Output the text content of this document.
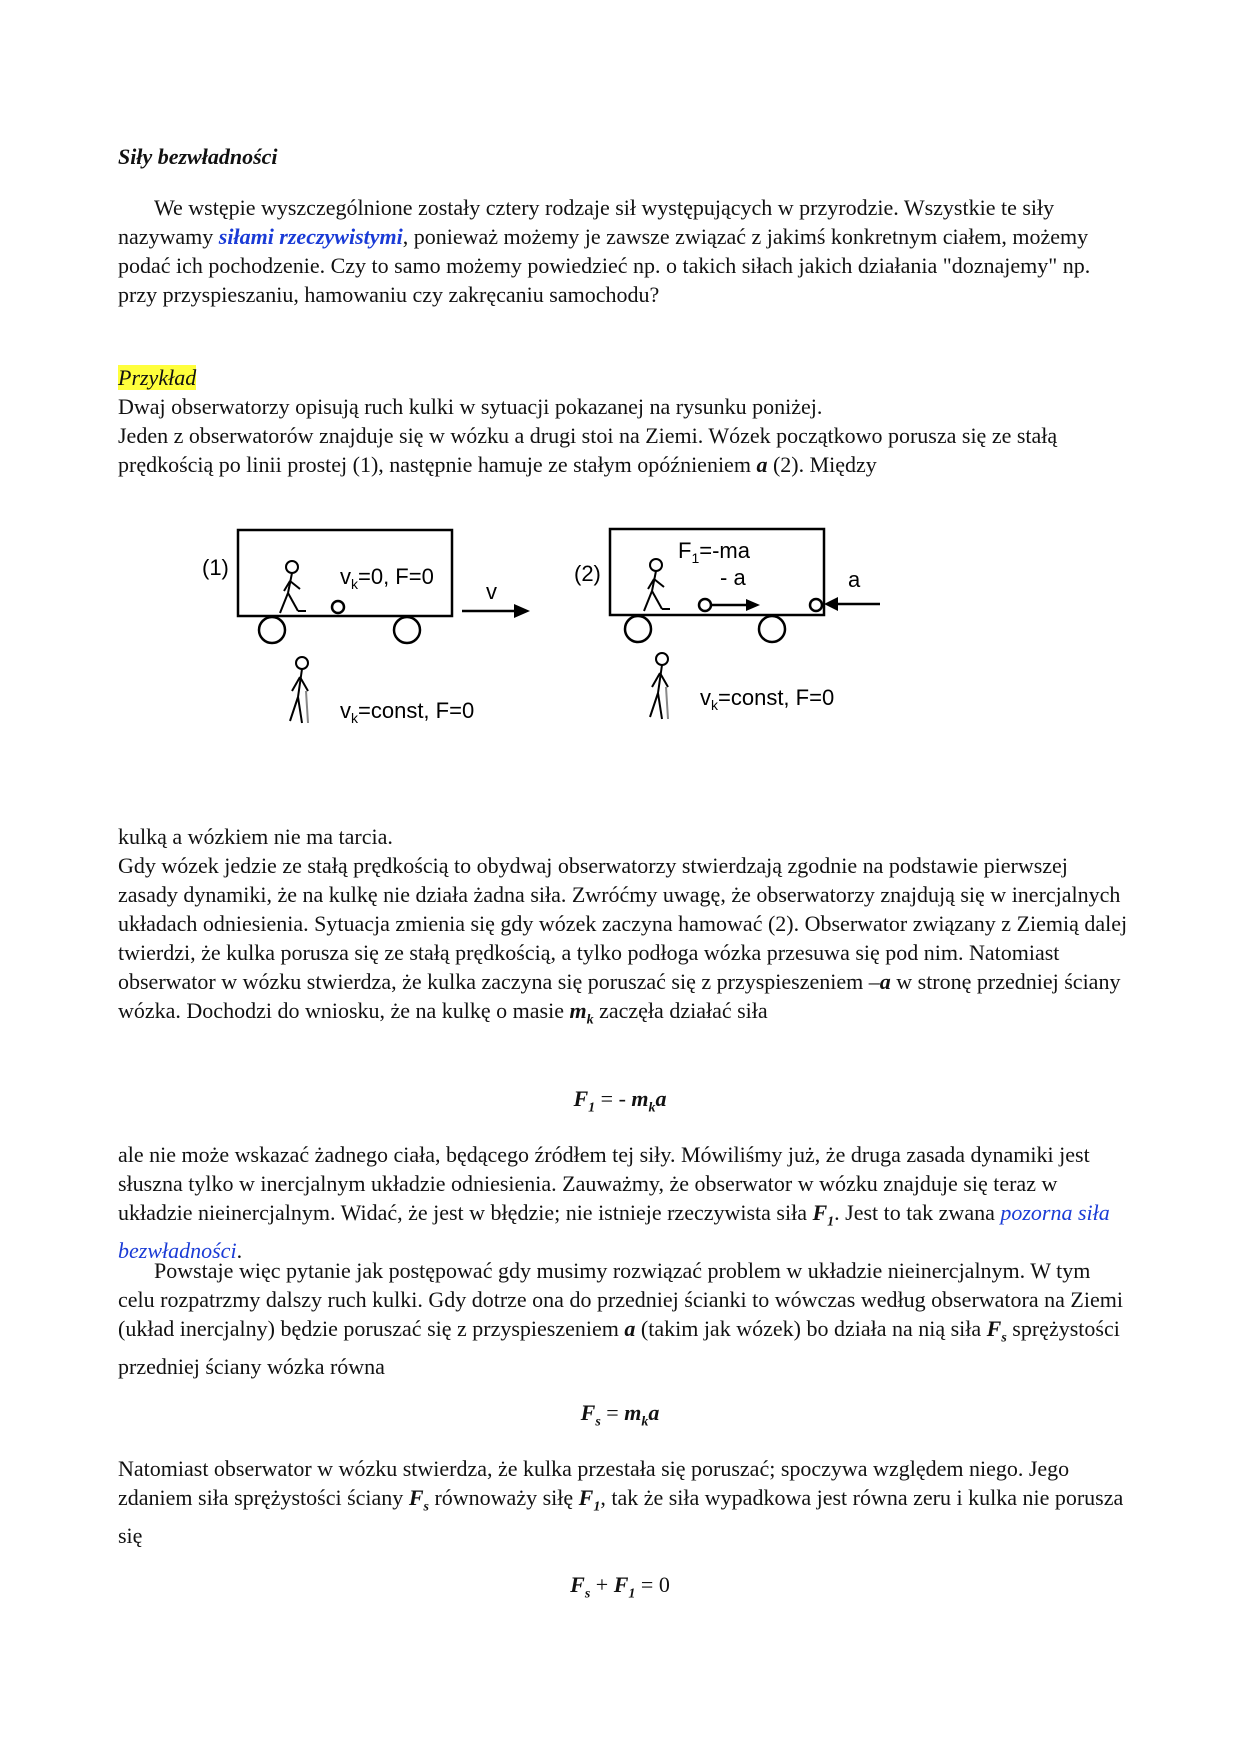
Siły bezwładności

We wstępie wyszczególnione zostały cztery rodzaje sił występujących w przyrodzie. Wszystkie te siły nazywamy siłami rzeczywistymi, ponieważ możemy je zawsze związać z jakimś konkretnym ciałem, możemy podać ich pochodzenie. Czy to samo możemy powiedzieć np. o takich siłach jakich działania "doznajemy" np. przy przyspieszaniu, hamowaniu czy zakręcaniu samochodu?

Przykład
Dwaj obserwatorzy opisują ruch kulki w sytuacji pokazanej na rysunku poniżej.
Jeden z obserwatorów znajduje się w wózku a drugi stoi na Ziemi. Wózek początkowo porusza się ze stałą prędkością po linii prostej (1), następnie hamuje ze stałym opóźnieniem a (2). Między

(1)	$v_k=0$, F=0
v
$v_k=const$, F=0
(2)
$F_1=-ma$
- a	a
$v_k=const$, F=0

kulką a wózkiem nie ma tarcia.
Gdy wózek jedzie ze stałą prędkością to obydwaj obserwatorzy stwierdzają zgodnie na podstawie pierwszej zasady dynamiki, że na kulkę nie działa żadna siła. Zwróćmy uwagę, że obserwatorzy znajdują się w inercjalnych układach odniesienia. Sytuacja zmienia się gdy wózek zaczyna hamować (2). Obserwator związany z Ziemią dalej twierdzi, że kulka porusza się ze stałą prędkością, a tylko podłoga wózka przesuwa się pod nim. Natomiast obserwator w wózku stwierdza, że kulka zaczyna się poruszać się z przyspieszeniem –a w stronę przedniej ściany wózka. Dochodzi do wniosku, że na kulkę o masie $m_k$ zaczęła działać siła

$F_1$ = - $m_ka$

ale nie może wskazać żadnego ciała, będącego źródłem tej siły. Mówiliśmy już, że druga zasada dynamiki jest słuszna tylko w inercjalnym układzie odniesienia. Zauważmy, że obserwator w wózku znajduje się teraz w układzie nieinercjalnym. Widać, że jest w błędzie; nie istnieje rzeczywista siła $F_1$. Jest to tak zwana pozorna siła bezwładności.

Powstaje więc pytanie jak postępować gdy musimy rozwiązać problem w układzie nieinercjalnym. W tym celu rozpatrzmy dalszy ruch kulki. Gdy dotrze ona do przedniej ścianki to wówczas według obserwatora na Ziemi (układ inercjalny) będzie poruszać się z przyspieszeniem a (takim jak wózek) bo działa na nią siła $F_s$ sprężystości przedniej ściany wózka równa

$F_s = m_ka$

Natomiast obserwator w wózku stwierdza, że kulka przestała się poruszać; spoczywa względem niego. Jego zdaniem siła sprężystości ściany $F_s$ równoważy siłę $F_1$, tak że siła wypadkowa jest równa zeru i kulka nie porusza się

$F_s + F_1 = 0$
